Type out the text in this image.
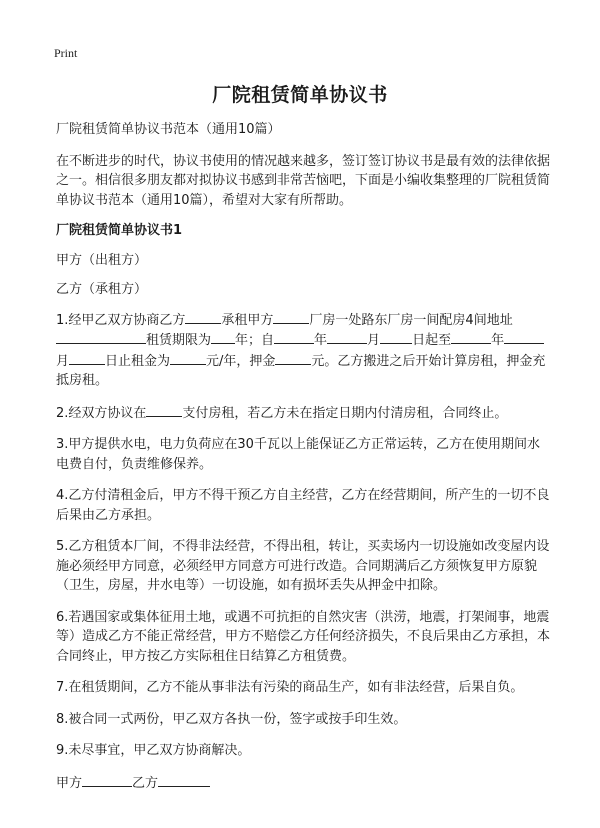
Print
厂院租赁简单协议书

厂院租赁简单协议书范本（通用10篇）

在不断进步的时代，协议书使用的情况越来越多，签订签订协议书是最有效的法律依据之一。相信很多朋友都对拟协议书感到非常苦恼吧，下面是小编收集整理的厂院租赁简单协议书范本（通用10篇），希望对大家有所帮助。

厂院租赁简单协议书1

甲方（出租方）

乙方（承租方）

1.经甲乙双方协商乙方	承租甲方	厂房一处路东厂房一间配房4间地址租赁期限为 年；自	年	月 日起至	年月	日止租金为	元/年，押金	元。乙方搬进之后开始计算房租，押金充抵房租。

2.经双方协议在	支付房租，若乙方未在指定日期内付清房租，合同终止。

3.甲方提供水电，电力负荷应在30千瓦以上能保证乙方正常运转，乙方在使用期间水电费自付，负责维修保养。

4.乙方付清租金后，甲方不得干预乙方自主经营，乙方在经营期间，所产生的一切不良后果由乙方承担。

5.乙方租赁本厂间，不得非法经营，不得出租，转让，买卖场内一切设施如改变屋内设施必须经甲方同意，必须经甲方同意方可进行改造。合同期满后乙方须恢复甲方原貌（卫生，房屋，井水电等）一切设施，如有损坏丢失从押金中扣除。

6.若遇国家或集体征用土地，或遇不可抗拒的自然灾害（洪涝，地震，打架闹事，地震等）造成乙方不能正常经营，甲方不赔偿乙方任何经济损失，不良后果由乙方承担，本合同终止，甲方按乙方实际租住日结算乙方租赁费。

7.在租赁期间，乙方不能从事非法有污染的商品生产，如有非法经营，后果自负。

8.被合同一式两份，甲乙双方各执一份，签字或按手印生效。

9.未尽事宜，甲乙双方协商解决。

甲方	乙方
